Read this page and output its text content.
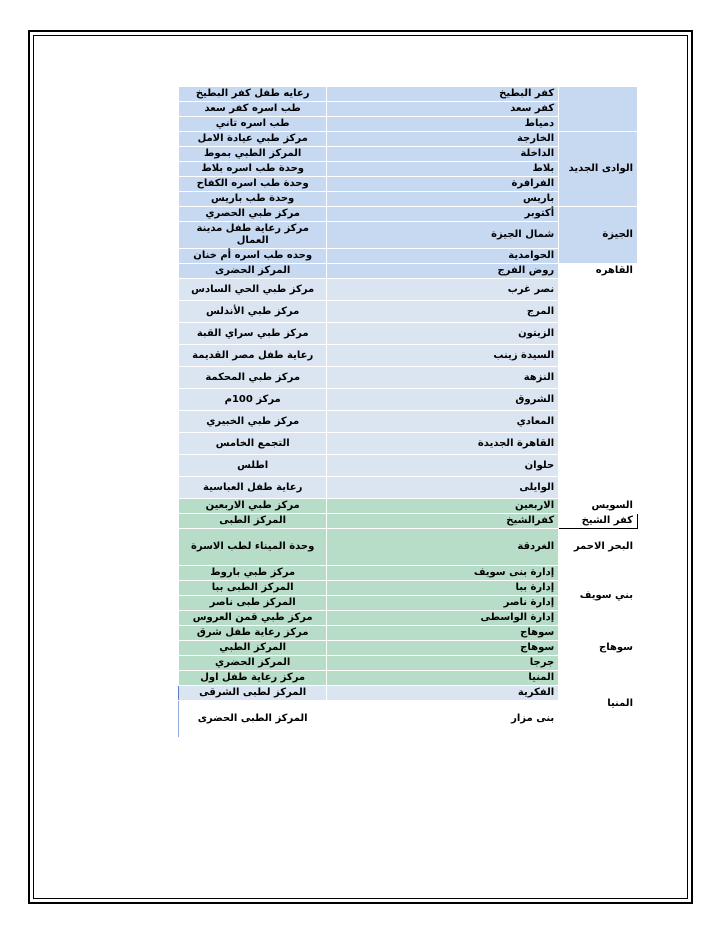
رعايه طفل كفر البطيخ	كفر البطيخ	
طب اسره كفر سعد	كفر سعد	
طب اسره تاني	دمياط	
مركز طبي عيادة الامل	الخارجة	الوادى الجديد
المركز الطبي بموط	الداخلة	
وحدة طب اسره بلاط	بلاط	
وحدة طب اسره الكفاح	الفرافرة	
وحدة طب باريس	باريس	
مركز طبي الحصري	أكتوبر	الجيزة
مركز رعاية طفل مدينة العمال	شمال الجيزة	
وحده طب اسره أم خنان	الحوامدية	
المركز الحضرى	روض الفرج	القاهره
مركز طبي الحي السادس	نصر غرب	
مركز طبي الأندلس	المرج	
مركز طبي سراي القبة	الزيتون	
رعاية طفل مصر القديمة	السيدة زينب	
مركز طبي المحكمة	النزهة	
مركز 100م	الشروق	
مركز طبي الخبيري	المعادي	
التجمع الخامس	القاهرة الجديدة	
اطلس	حلوان	
رعاية طفل العباسية	الوايلى	
مركز طبي الاربعين	الاربعين	السويس
المركز الطبى	كفرالشيخ	كفر الشيخ
وحدة الميناء لطب الاسرة	الغردقة	البحر الاحمر
مركز طبي باروط	إدارة بنى سويف	بني سويف
المركز الطبى ببا	إدارة ببا	
المركز طبى ناصر	إدارة ناصر	
مركز طبي قمن العروس	إدارة الواسطى	
مركز رعاية طفل شرق	سوهاج	سوهاج
المركز الطبي	سوهاج	
المركز الحضري	جرجا	
مركز رعاية طفل اول	المنيا	المنيا
المركز لطبى الشرقى	الفكرية	
المركز الطبى الحضرى	بنى مزار	
